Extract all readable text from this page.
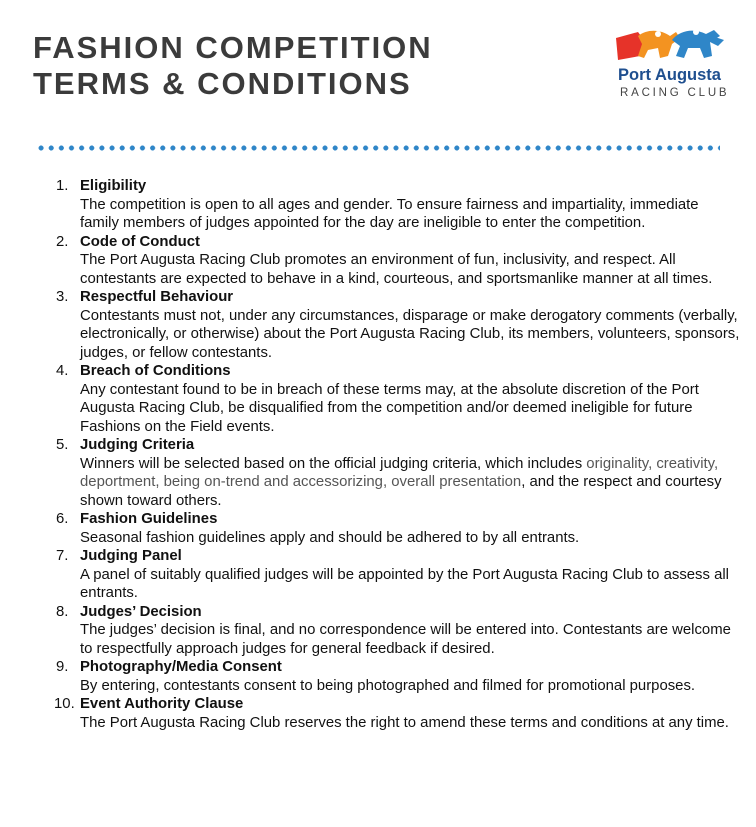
FASHION COMPETITION
TERMS & CONDITIONS	Port Augusta
RACING CLUB
1. Eligibility
The competition is open to all ages and gender. To ensure fairness and impartiality, immediate family members of judges appointed for the day are ineligible to enter the competition.
2. Code of Conduct
The Port Augusta Racing Club promotes an environment of fun, inclusivity, and respect. All contestants are expected to behave in a kind, courteous, and sportsmanlike manner at all times.
3. Respectful Behaviour
Contestants must not, under any circumstances, disparage or make derogatory comments (verbally, electronically, or otherwise) about the Port Augusta Racing Club, its members, volunteers, sponsors, judges, or fellow contestants.
4. Breach of Conditions
Any contestant found to be in breach of these terms may, at the absolute discretion of the Port Augusta Racing Club, be disqualified from the competition and/or deemed ineligible for future Fashions on the Field events.
5. Judging Criteria
Winners will be selected based on the official judging criteria, which includes originality, creativity, deportment, being on-trend and accessorizing, overall presentation, and the respect and courtesy shown toward others.
6. Fashion Guidelines
Seasonal fashion guidelines apply and should be adhered to by all entrants.
7. Judging Panel
A panel of suitably qualified judges will be appointed by the Port Augusta Racing Club to assess all entrants.
8. Judges’ Decision
The judges’ decision is final, and no correspondence will be entered into. Contestants are welcome to respectfully approach judges for general feedback if desired.
9. Photography/Media Consent
By entering, contestants consent to being photographed and filmed for promotional purposes.
10. Event Authority Clause
The Port Augusta Racing Club reserves the right to amend these terms and conditions at any time.
